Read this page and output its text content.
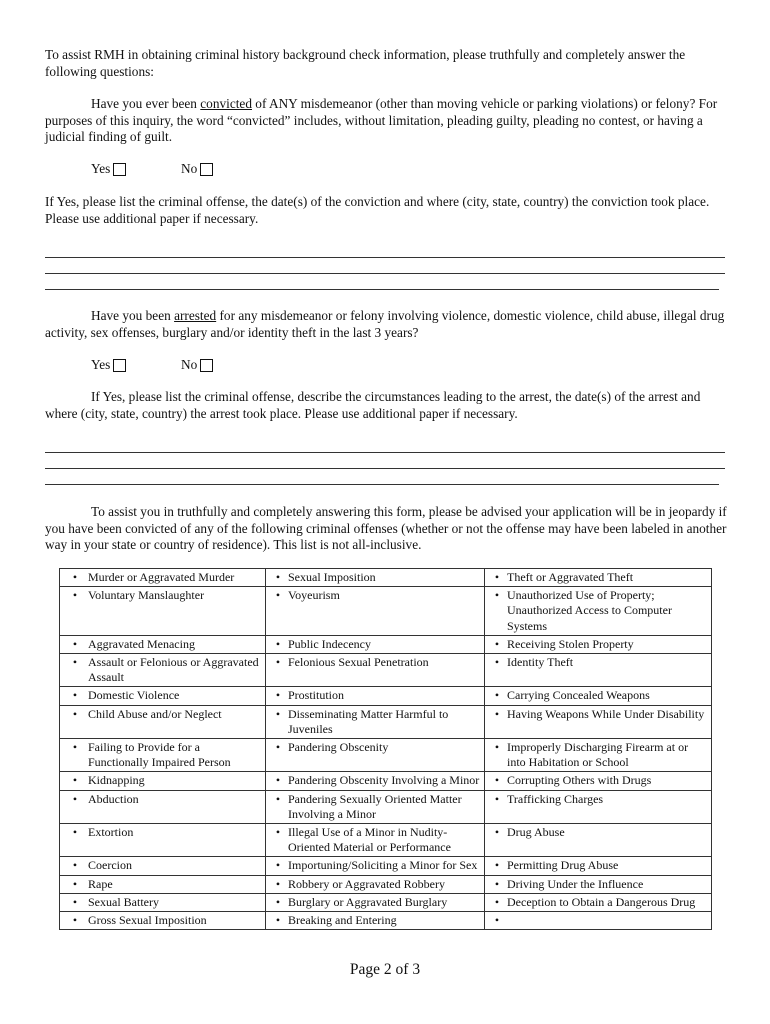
To assist RMH in obtaining criminal history background check information, please truthfully and completely answer the following questions:

Have you ever been convicted of ANY misdemeanor (other than moving vehicle or parking violations) or felony? For purposes of this inquiry, the word “convicted” includes, without limitation, pleading guilty, pleading no contest, or having a judicial finding of guilt.

Yes	No

If Yes, please list the criminal offense, the date(s) of the conviction and where (city, state, country) the conviction took place. Please use additional paper if necessary.

Have you been arrested for any misdemeanor or felony involving violence, domestic violence, child abuse, illegal drug activity, sex offenses, burglary and/or identity theft in the last 3 years?

Yes	No

If Yes, please list the criminal offense, describe the circumstances leading to the arrest, the date(s) of the arrest and where (city, state, country) the arrest took place. Please use additional paper if necessary.

To assist you in truthfully and completely answering this form, please be advised your application will be in jeopardy if you have been convicted of any of the following criminal offenses (whether or not the offense may have been labeled in another way in your state or country of residence). This list is not all-inclusive.

• Murder or Aggravated Murder	• Sexual Imposition	• Theft or Aggravated Theft

• Voluntary Manslaughter	• Voyeurism	• Unauthorized Use of Property; Unauthorized Access to Computer Systems

• Aggravated Menacing	• Public Indecency	• Receiving Stolen Property

• Assault or Felonious or Aggravated Assault	• Felonious Sexual Penetration	• Identity Theft

• Domestic Violence	• Prostitution	• Carrying Concealed Weapons

• Child Abuse and/or Neglect	• Disseminating Matter Harmful to Juveniles	• Having Weapons While Under Disability

• Failing to Provide for a Functionally Impaired Person	• Pandering Obscenity	• Improperly Discharging Firearm at or into Habitation or School

• Kidnapping	• Pandering Obscenity Involving a Minor	• Corrupting Others with Drugs

• Abduction	• Pandering Sexually Oriented Matter Involving a Minor	• Trafficking Charges

• Extortion	• Illegal Use of a Minor in Nudity-Oriented Material or Performance	• Drug Abuse

• Coercion	• Importuning/Soliciting a Minor for Sex	• Permitting Drug Abuse

• Rape	• Robbery or Aggravated Robbery	• Driving Under the Influence

• Sexual Battery	• Burglary or Aggravated Burglary	• Deception to Obtain a Dangerous Drug

• Gross Sexual Imposition	• Breaking and Entering	•
Page 2 of 3
